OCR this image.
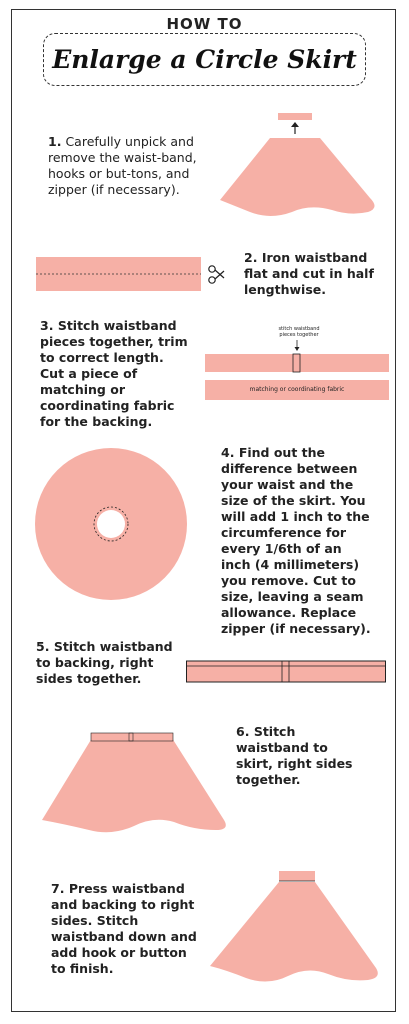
HOW TO
Enlarge a Circle Skirt
1. Carefully unpick and remove the waist-band, hooks or but-tons, and zipper (if necessary).
2. Iron waistband flat and cut in half lengthwise.
3. Stitch waistband pieces together, trim to correct length. Cut a piece of matching or coordinating fabric for the backing.
stitch waistband pieces together
matching or coordinating fabric
4. Find out the difference between your waist and the size of the skirt. You will add 1 inch to the circumference for every 1/6th of an inch (4 millimeters) you remove. Cut to size, leaving a seam allowance. Replace zipper (if necessary).
5. Stitch waistband to backing, right sides together.
6. Stitch waistband to skirt, right sides together.
7. Press waistband and backing to right sides. Stitch waistband down and add hook or button to finish.
